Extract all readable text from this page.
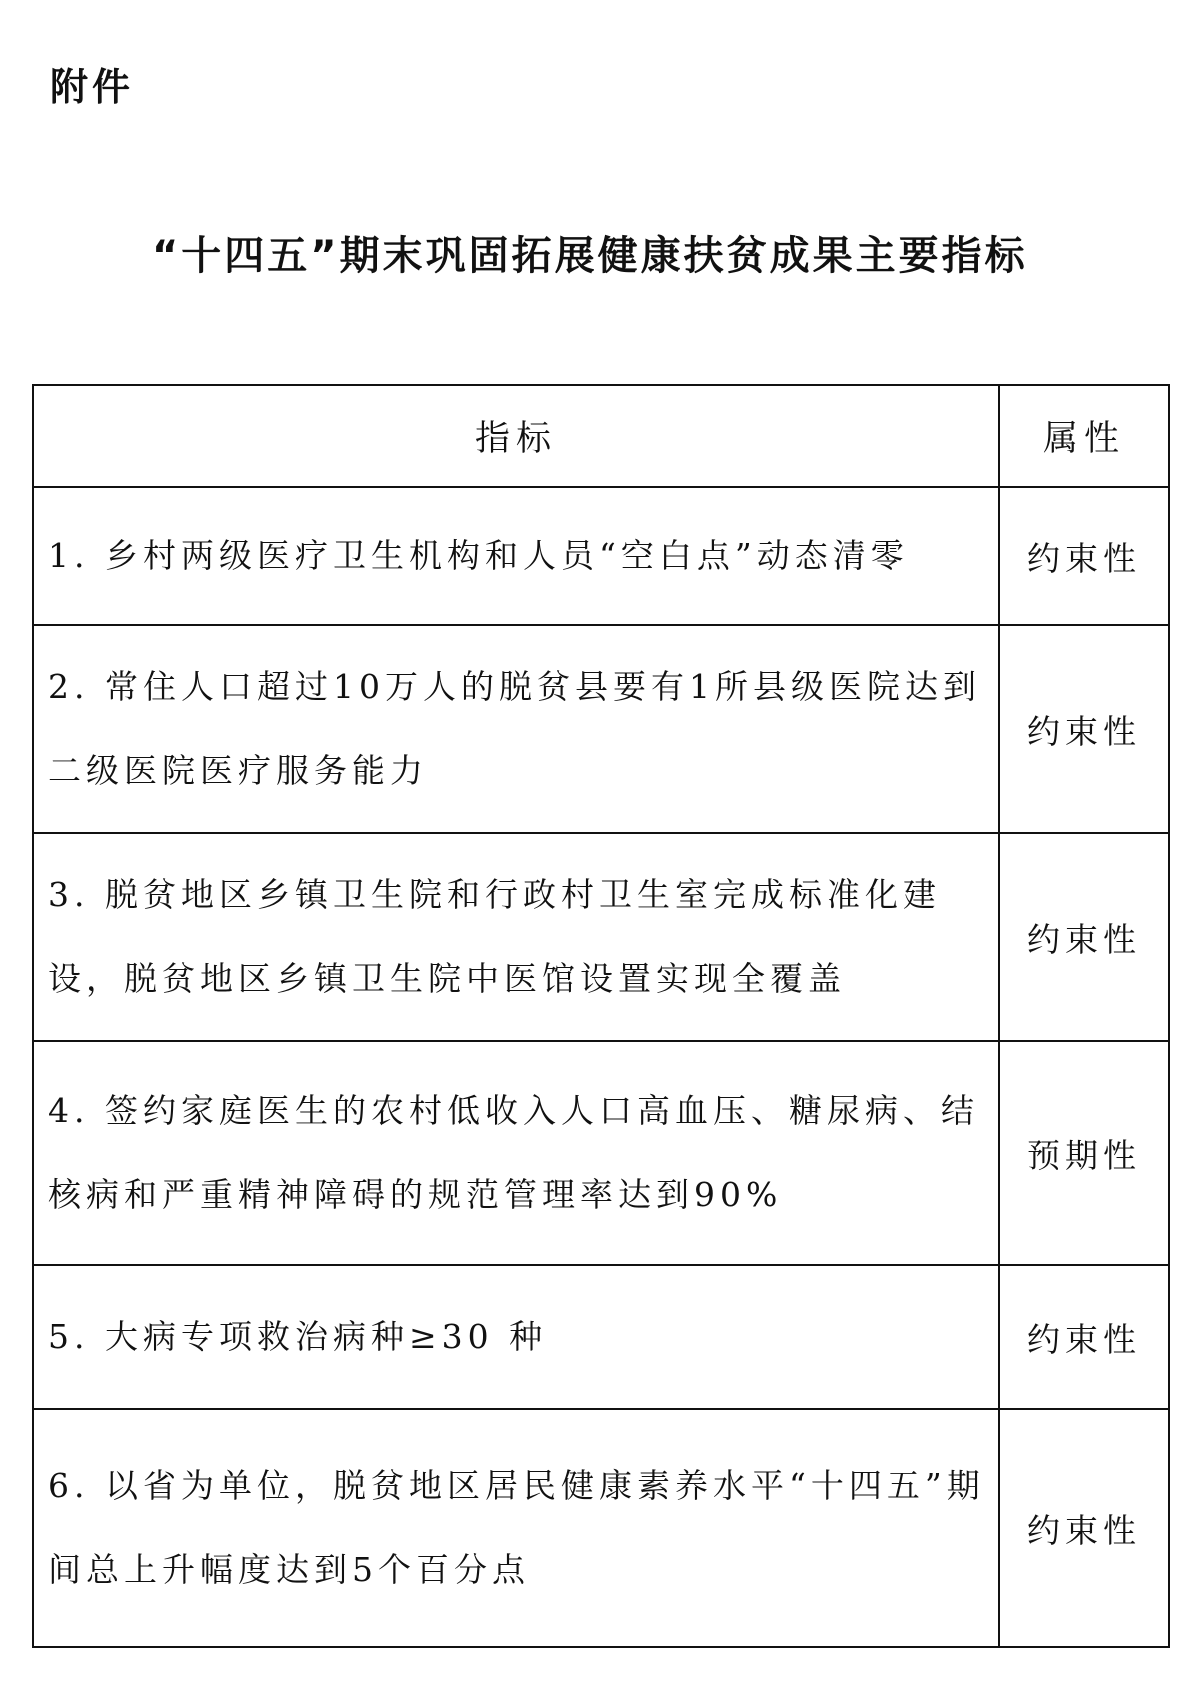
附件
“十四五”期末巩固拓展健康扶贫成果主要指标
指标	属性
1. 乡村两级医疗卫生机构和人员“空白点”动态清零	约束性
2. 常住人口超过10万人的脱贫县要有1所县级医院达到二级医院医疗服务能力	约束性
3. 脱贫地区乡镇卫生院和行政村卫生室完成标准化建设，脱贫地区乡镇卫生院中医馆设置实现全覆盖	约束性
4. 签约家庭医生的农村低收入人口高血压、糖尿病、结核病和严重精神障碍的规范管理率达到90%	预期性
5. 大病专项救治病种≥30 种	约束性
6. 以省为单位，脱贫地区居民健康素养水平“十四五”期间总上升幅度达到5个百分点	约束性
